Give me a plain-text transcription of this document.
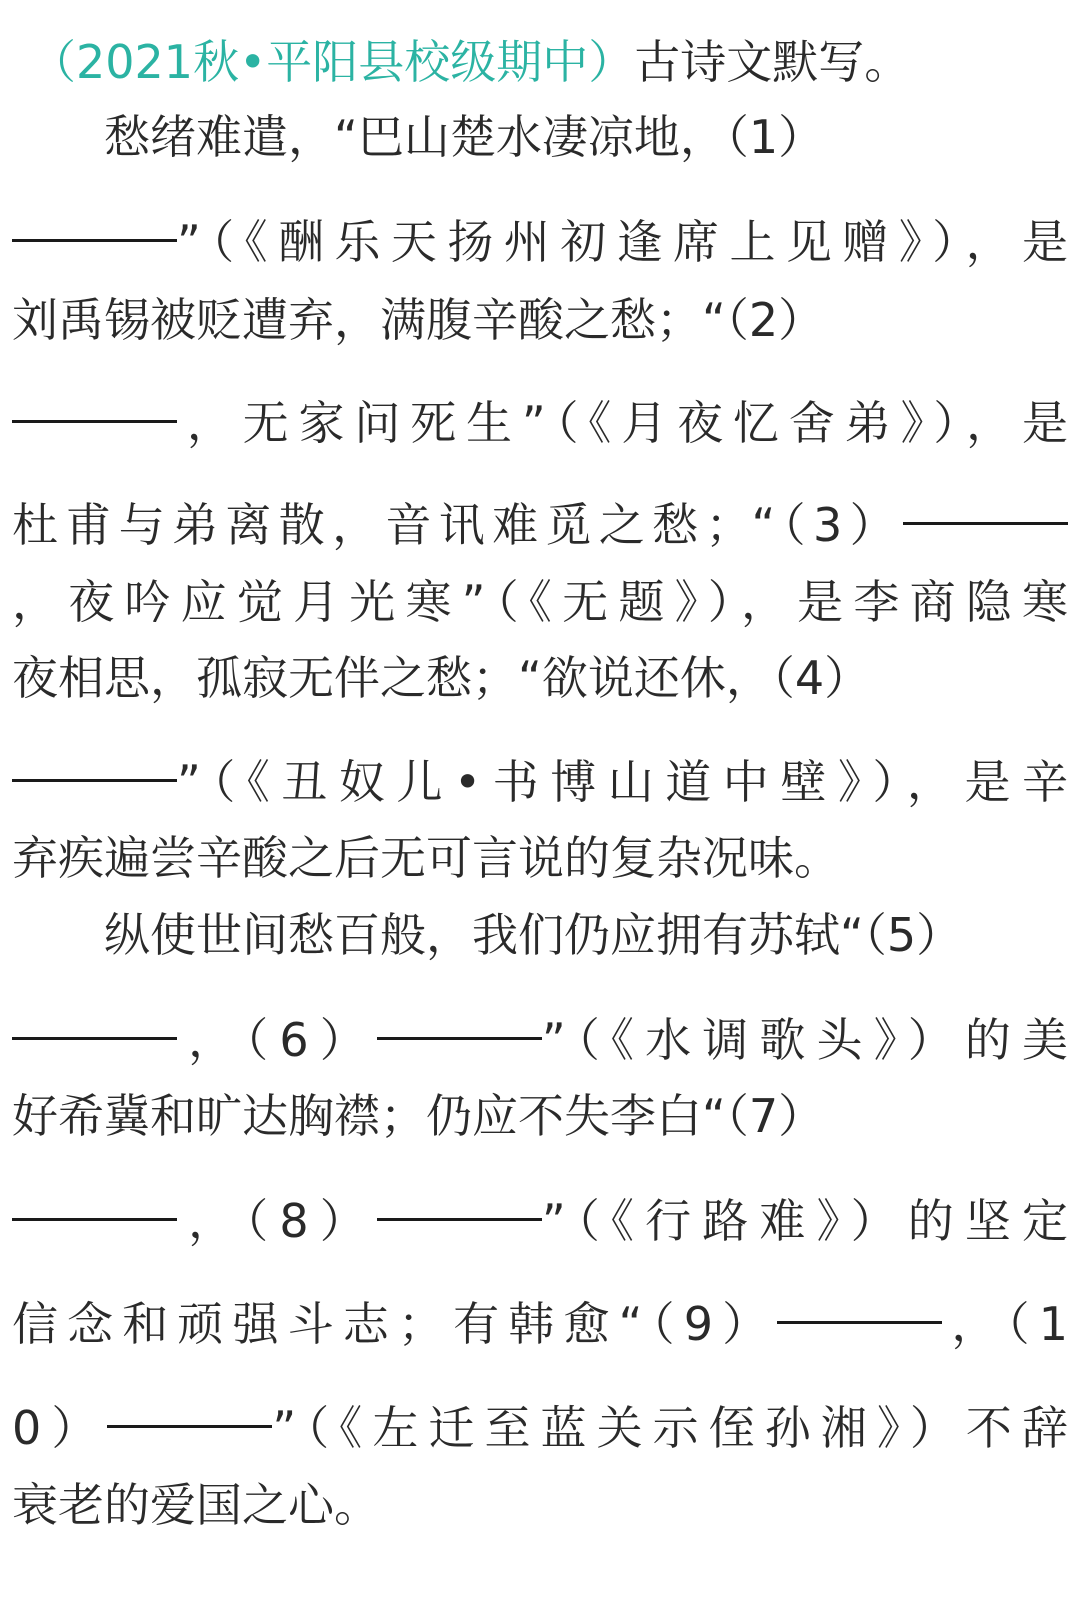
（2021秋•平阳县校级期中）古诗文默写。
愁绪难遣，“巴山楚水凄凉地，（1）
”（《酬乐天扬州初逢席上见赠》），是
刘禹锡被贬遭弃，满腹辛酸之愁；“（2）
，无家问死生”（《月夜忆舍弟》），是
杜甫与弟离散，音讯难觅之愁；“（3）
，夜吟应觉月光寒”（《无题》），是李商隐寒
夜相思，孤寂无伴之愁；“欲说还休，（4）
”（《丑奴儿•书博山道中壁》），是辛
弃疾遍尝辛酸之后无可言说的复杂况味。
纵使世间愁百般，我们仍应拥有苏轼“（5）
，（6）	”（《水调歌头》）的美
好希冀和旷达胸襟；仍应不失李白“（7）
，（8）	”（《行路难》）的坚定
信念和顽强斗志；有韩愈“（9）	，（1
0）	”（《左迁至蓝关示侄孙湘》）不辞
衰老的爱国之心。
